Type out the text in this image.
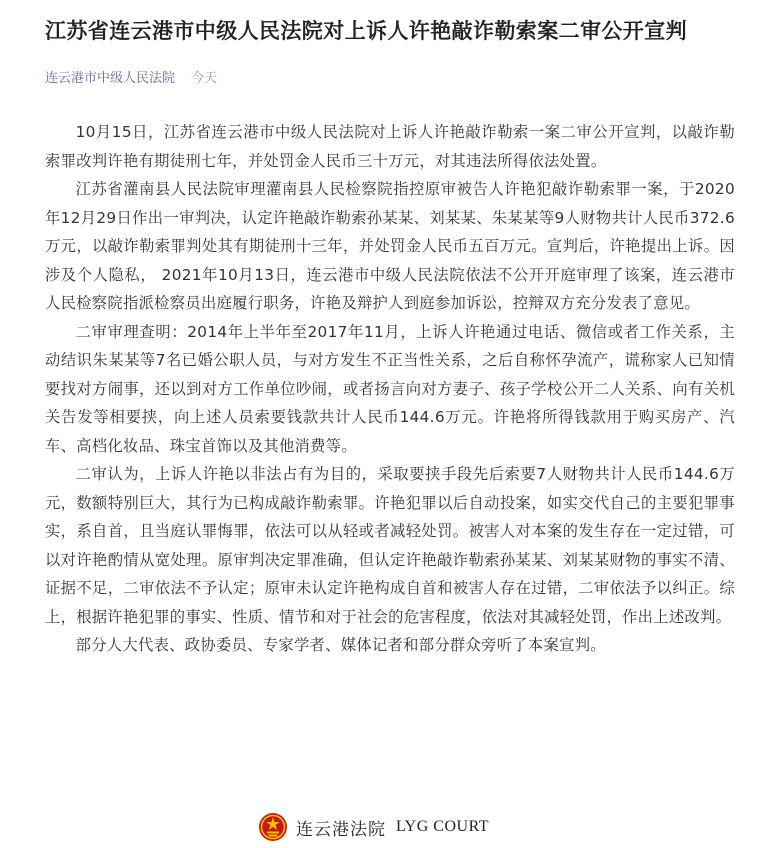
江苏省连云港市中级人民法院对上诉人许艳敲诈勒索案二审公开宣判
连云港市中级人民法院 今天

10月15日，江苏省连云港市中级人民法院对上诉人许艳敲诈勒索一案二审公开宣判，以敲诈勒索罪改判许艳有期徒刑七年，并处罚金人民币三十万元，对其违法所得依法处置。

江苏省灌南县人民法院审理灌南县人民检察院指控原审被告人许艳犯敲诈勒索罪一案，于2020年12月29日作出一审判决，认定许艳敲诈勒索孙某某、刘某某、朱某某等9人财物共计人民币372.6万元，以敲诈勒索罪判处其有期徒刑十三年，并处罚金人民币五百万元。宣判后，许艳提出上诉。因涉及个人隐私， 2021年10月13日，连云港市中级人民法院依法不公开开庭审理了该案，连云港市人民检察院指派检察员出庭履行职务，许艳及辩护人到庭参加诉讼，控辩双方充分发表了意见。

二审审理查明：2014年上半年至2017年11月，上诉人许艳通过电话、微信或者工作关系，主动结识朱某某等7名已婚公职人员，与对方发生不正当性关系，之后自称怀孕流产，谎称家人已知情要找对方闹事，还以到对方工作单位吵闹，或者扬言向对方妻子、孩子学校公开二人关系、向有关机关告发等相要挟，向上述人员索要钱款共计人民币144.6万元。许艳将所得钱款用于购买房产、汽车、高档化妆品、珠宝首饰以及其他消费等。

二审认为，上诉人许艳以非法占有为目的，采取要挟手段先后索要7人财物共计人民币144.6万元，数额特别巨大，其行为已构成敲诈勒索罪。许艳犯罪以后自动投案，如实交代自己的主要犯罪事实，系自首，且当庭认罪悔罪，依法可以从轻或者减轻处罚。被害人对本案的发生存在一定过错，可以对许艳酌情从宽处理。原审判决定罪准确，但认定许艳敲诈勒索孙某某、刘某某财物的事实不清、证据不足，二审依法不予认定；原审未认定许艳构成自首和被害人存在过错，二审依法予以纠正。综上，根据许艳犯罪的事实、性质、情节和对于社会的危害程度，依法对其减轻处罚，作出上述改判。

部分人大代表、政协委员、专家学者、媒体记者和部分群众旁听了本案宣判。

连云港法院 LYG COURT
